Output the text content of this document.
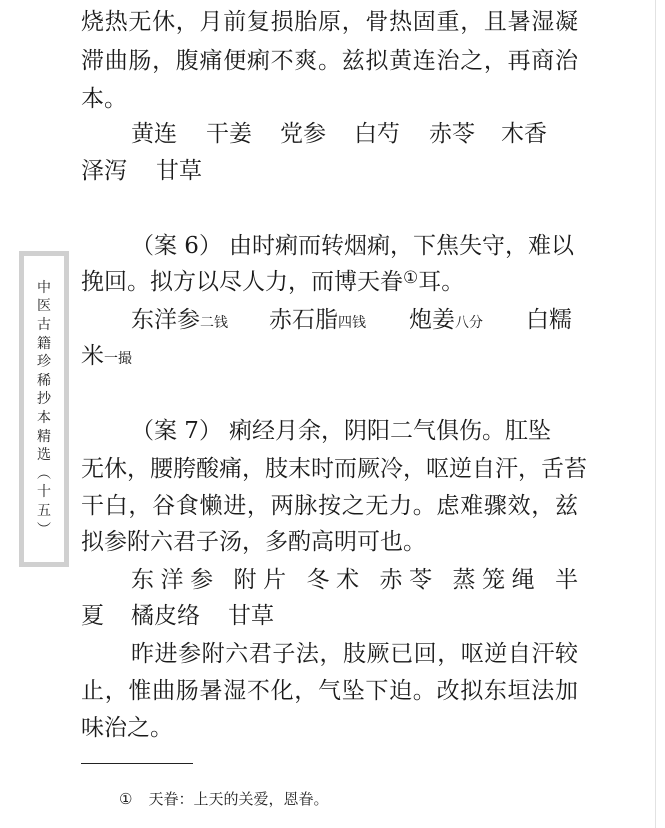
中
医
古
籍
珍
稀
抄
本
精
选
︵
十
五
︶
烧热无休，月前复损胎原，骨热固重，且暑湿凝
滞曲肠，腹痛便痢不爽。兹拟黄连治之，再商治
本。
黄连 干姜 党参 白芍 赤苓 木香
泽泻 甘草
（案 6） 由时痢而转烟痢，下焦失守，难以
挽回。拟方以尽人力，而博天眷①耳。
东洋参二钱 赤石脂四钱 炮姜八分 白糯
米一撮
（案 7） 痢经月余，阴阳二气俱伤。肛坠
无休，腰胯酸痛，肢末时而厥冷，呕逆自汗，舌苔
干白，谷食懒进，两脉按之无力。虑难骤效，兹
拟参附六君子汤，多酌高明可也。
东洋参 附片 冬术 赤苓 蒸笼绳 半
夏 橘皮络 甘草
昨进参附六君子法，肢厥已回，呕逆自汗较
止，惟曲肠暑湿不化，气坠下迫。改拟东垣法加
味治之。
① 天眷：上天的关爱，恩眷。
